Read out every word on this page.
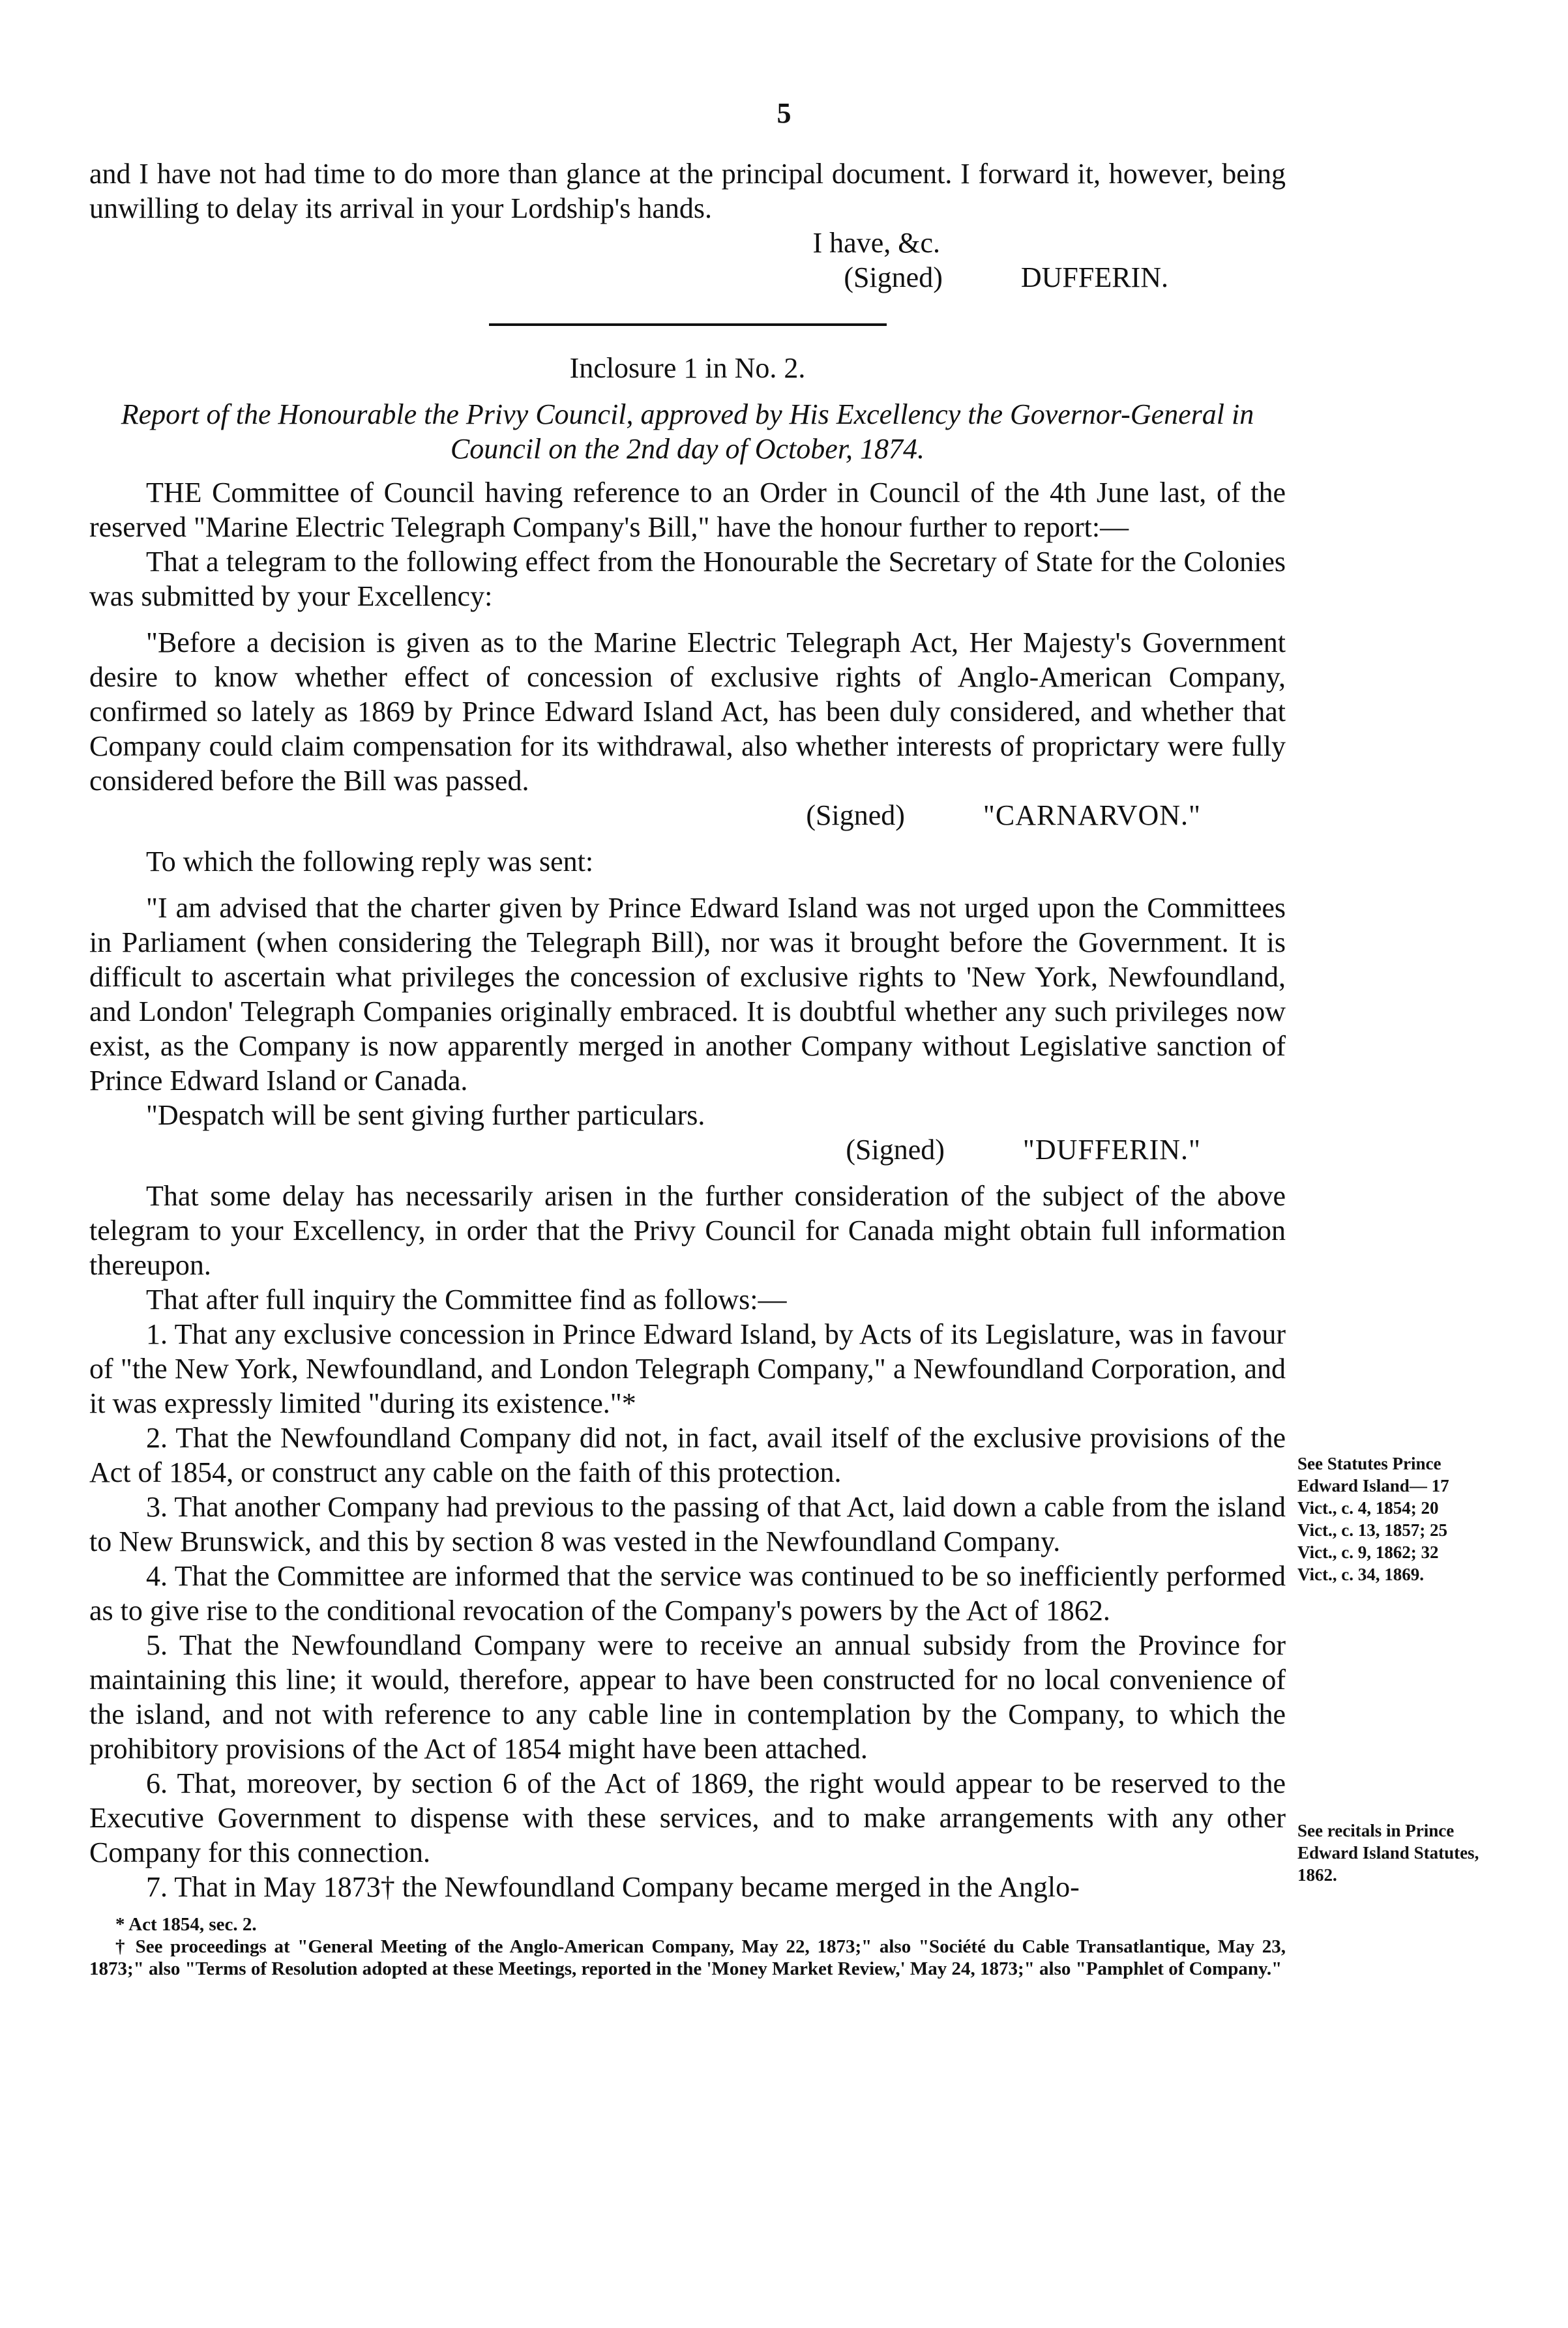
5

and I have not had time to do more than glance at the principal document. I forward it, however, being unwilling to delay its arrival in your Lordship's hands.

I have, &c.

(Signed)	DUFFERIN.

Inclosure 1 in No. 2.

Report of the Honourable the Privy Council, approved by His Excellency the Governor-General in Council on the 2nd day of October, 1874.

THE Committee of Council having reference to an Order in Council of the 4th June last, of the reserved "Marine Electric Telegraph Company's Bill," have the honour further to report:—

That a telegram to the following effect from the Honourable the Secretary of State for the Colonies was submitted by your Excellency:

"Before a decision is given as to the Marine Electric Telegraph Act, Her Majesty's Government desire to know whether effect of concession of exclusive rights of Anglo-American Company, confirmed so lately as 1869 by Prince Edward Island Act, has been duly considered, and whether that Company could claim compensation for its withdrawal, also whether interests of proprictary were fully considered before the Bill was passed.

(Signed)	"CARNARVON."

To which the following reply was sent:

"I am advised that the charter given by Prince Edward Island was not urged upon the Committees in Parliament (when considering the Telegraph Bill), nor was it brought before the Government. It is difficult to ascertain what privileges the concession of exclusive rights to 'New York, Newfoundland, and London' Telegraph Companies originally embraced. It is doubtful whether any such privileges now exist, as the Company is now apparently merged in another Company without Legislative sanction of Prince Edward Island or Canada.

"Despatch will be sent giving further particulars.

(Signed)	"DUFFERIN."

That some delay has necessarily arisen in the further consideration of the subject of the above telegram to your Excellency, in order that the Privy Council for Canada might obtain full information thereupon.

That after full inquiry the Committee find as follows:—

1. That any exclusive concession in Prince Edward Island, by Acts of its Legislature, was in favour of "the New York, Newfoundland, and London Telegraph Company," a Newfoundland Corporation, and it was expressly limited "during its existence."*

2. That the Newfoundland Company did not, in fact, avail itself of the exclusive provisions of the Act of 1854, or construct any cable on the faith of this protection.

3. That another Company had previous to the passing of that Act, laid down a cable from the island to New Brunswick, and this by section 8 was vested in the Newfoundland Company.

4. That the Committee are informed that the service was continued to be so inefficiently performed as to give rise to the conditional revocation of the Company's powers by the Act of 1862.

5. That the Newfoundland Company were to receive an annual subsidy from the Province for maintaining this line; it would, therefore, appear to have been constructed for no local convenience of the island, and not with reference to any cable line in contemplation by the Company, to which the prohibitory provisions of the Act of 1854 might have been attached.

6. That, moreover, by section 6 of the Act of 1869, the right would appear to be reserved to the Executive Government to dispense with these services, and to make arrangements with any other Company for this connection.

7. That in May 1873† the Newfoundland Company became merged in the Anglo-

* Act 1854, sec. 2.

† See proceedings at "General Meeting of the Anglo-American Company, May 22, 1873;" also "Société du Cable Transatlantique, May 23, 1873;" also "Terms of Resolution adopted at these Meetings, reported in the 'Money Market Review,' May 24, 1873;" also "Pamphlet of Company."

See Statutes Prince Edward Island— 17 Vict., c. 4, 1854; 20 Vict., c. 13, 1857; 25 Vict., c. 9, 1862; 32 Vict., c. 34, 1869.
See recitals in Prince Edward Island Statutes, 1862.
